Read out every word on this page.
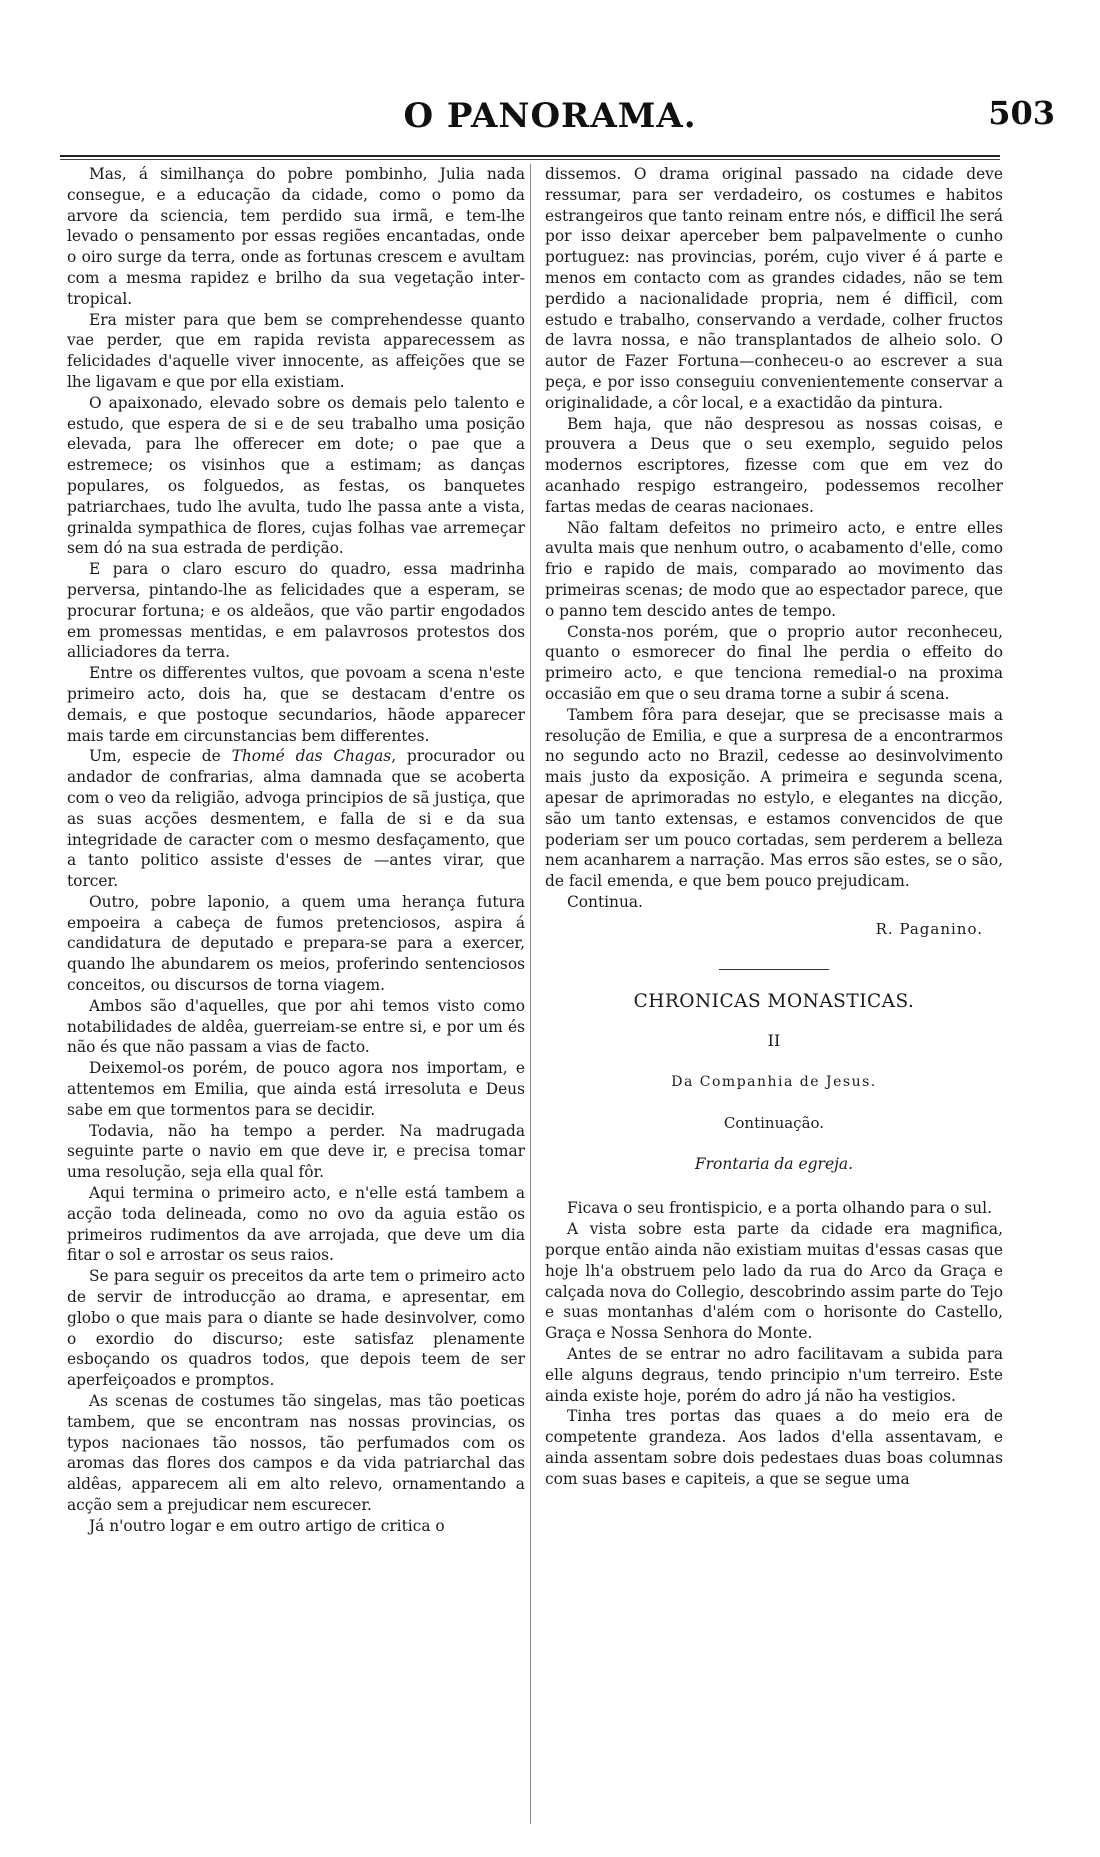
O PANORAMA.	503

Mas, á similhança do pobre pombinho, Julia nada consegue, e a educação da cidade, como o pomo da arvore da sciencia, tem perdido sua irmã, e tem-lhe levado o pensamento por essas regiões encantadas, onde o oiro surge da terra, onde as fortunas crescem e avultam com a mesma rapidez e brilho da sua vegetação inter-tropical.

Era mister para que bem se comprehendesse quanto vae perder, que em rapida revista apparecessem as felicidades d'aquelle viver innocente, as affeições que se lhe ligavam e que por ella existiam.

O apaixonado, elevado sobre os demais pelo talento e estudo, que espera de si e de seu trabalho uma posição elevada, para lhe offerecer em dote; o pae que a estremece; os visinhos que a estimam; as danças populares, os folguedos, as festas, os banquetes patriarchaes, tudo lhe avulta, tudo lhe passa ante a vista, grinalda sympathica de flores, cujas folhas vae arremeçar sem dó na sua estrada de perdição.

E para o claro escuro do quadro, essa madrinha perversa, pintando-lhe as felicidades que a esperam, se procurar fortuna; e os aldeãos, que vão partir engodados em promessas mentidas, e em palavrosos protestos dos alliciadores da terra.

Entre os differentes vultos, que povoam a scena n'este primeiro acto, dois ha, que se destacam d'entre os demais, e que postoque secundarios, hãode apparecer mais tarde em circunstancias bem differentes.

Um, especie de Thomé das Chagas, procurador ou andador de confrarias, alma damnada que se acoberta com o veo da religião, advoga principios de sã justiça, que as suas acções desmentem, e falla de si e da sua integridade de caracter com o mesmo desfaçamento, que a tanto politico assiste d'esses de —antes virar, que torcer.

Outro, pobre laponio, a quem uma herança futura empoeira a cabeça de fumos pretenciosos, aspira á candidatura de deputado e prepara-se para a exercer, quando lhe abundarem os meios, proferindo sentenciosos conceitos, ou discursos de torna viagem.

Ambos são d'aquelles, que por ahi temos visto como notabilidades de aldêa, guerreiam-se entre si, e por um és não és que não passam a vias de facto.

Deixemol-os porém, de pouco agora nos importam, e attentemos em Emilia, que ainda está irresoluta e Deus sabe em que tormentos para se decidir.

Todavia, não ha tempo a perder. Na madrugada seguinte parte o navio em que deve ir, e precisa tomar uma resolução, seja ella qual fôr.

Aqui termina o primeiro acto, e n'elle está tambem a acção toda delineada, como no ovo da aguia estão os primeiros rudimentos da ave arrojada, que deve um dia fitar o sol e arrostar os seus raios.

Se para seguir os preceitos da arte tem o primeiro acto de servir de introducção ao drama, e apresentar, em globo o que mais para o diante se hade desinvolver, como o exordio do discurso; este satisfaz plenamente esboçando os quadros todos, que depois teem de ser aperfeiçoados e promptos.

As scenas de costumes tão singelas, mas tão poeticas tambem, que se encontram nas nossas provincias, os typos nacionaes tão nossos, tão perfumados com os aromas das flores dos campos e da vida patriarchal das aldêas, apparecem ali em alto relevo, ornamentando a acção sem a prejudicar nem escurecer.

Já n'outro logar e em outro artigo de critica o

dissemos. O drama original passado na cidade deve ressumar, para ser verdadeiro, os costumes e habitos estrangeiros que tanto reinam entre nós, e difficil lhe será por isso deixar aperceber bem palpavelmente o cunho portuguez: nas provincias, porém, cujo viver é á parte e menos em contacto com as grandes cidades, não se tem perdido a nacionalidade propria, nem é difficil, com estudo e trabalho, conservando a verdade, colher fructos de lavra nossa, e não transplantados de alheio solo. O autor de Fazer Fortuna—conheceu-o ao escrever a sua peça, e por isso conseguiu convenientemente conservar a originalidade, a côr local, e a exactidão da pintura.

Bem haja, que não despresou as nossas coisas, e prouvera a Deus que o seu exemplo, seguido pelos modernos escriptores, fizesse com que em vez do acanhado respigo estrangeiro, podessemos recolher fartas medas de cearas nacionaes.

Não faltam defeitos no primeiro acto, e entre elles avulta mais que nenhum outro, o acabamento d'elle, como frio e rapido de mais, comparado ao movimento das primeiras scenas; de modo que ao espectador parece, que o panno tem descido antes de tempo.

Consta-nos porém, que o proprio autor reconheceu, quanto o esmorecer do final lhe perdia o effeito do primeiro acto, e que tenciona remedial-o na proxima occasião em que o seu drama torne a subir á scena.

Tambem fôra para desejar, que se precisasse mais a resolução de Emilia, e que a surpresa de a encontrarmos no segundo acto no Brazil, cedesse ao desinvolvimento mais justo da exposição. A primeira e segunda scena, apesar de aprimoradas no estylo, e elegantes na dicção, são um tanto extensas, e estamos convencidos de que poderiam ser um pouco cortadas, sem perderem a belleza nem acanharem a narração. Mas erros são estes, se o são, de facil emenda, e que bem pouco prejudicam.

Continua.

R. Paganino.
CHRONICAS MONASTICAS.
II
Da Companhia de Jesus.
Continuação.
Frontaria da egreja.

Ficava o seu frontispicio, e a porta olhando para o sul.

A vista sobre esta parte da cidade era magnifica, porque então ainda não existiam muitas d'essas casas que hoje lh'a obstruem pelo lado da rua do Arco da Graça e calçada nova do Collegio, descobrindo assim parte do Tejo e suas montanhas d'além com o horisonte do Castello, Graça e Nossa Senhora do Monte.

Antes de se entrar no adro facilitavam a subida para elle alguns degraus, tendo principio n'um terreiro. Este ainda existe hoje, porém do adro já não ha vestigios.

Tinha tres portas das quaes a do meio era de competente grandeza. Aos lados d'ella assentavam, e ainda assentam sobre dois pedestaes duas boas columnas com suas bases e capiteis, a que se segue uma
